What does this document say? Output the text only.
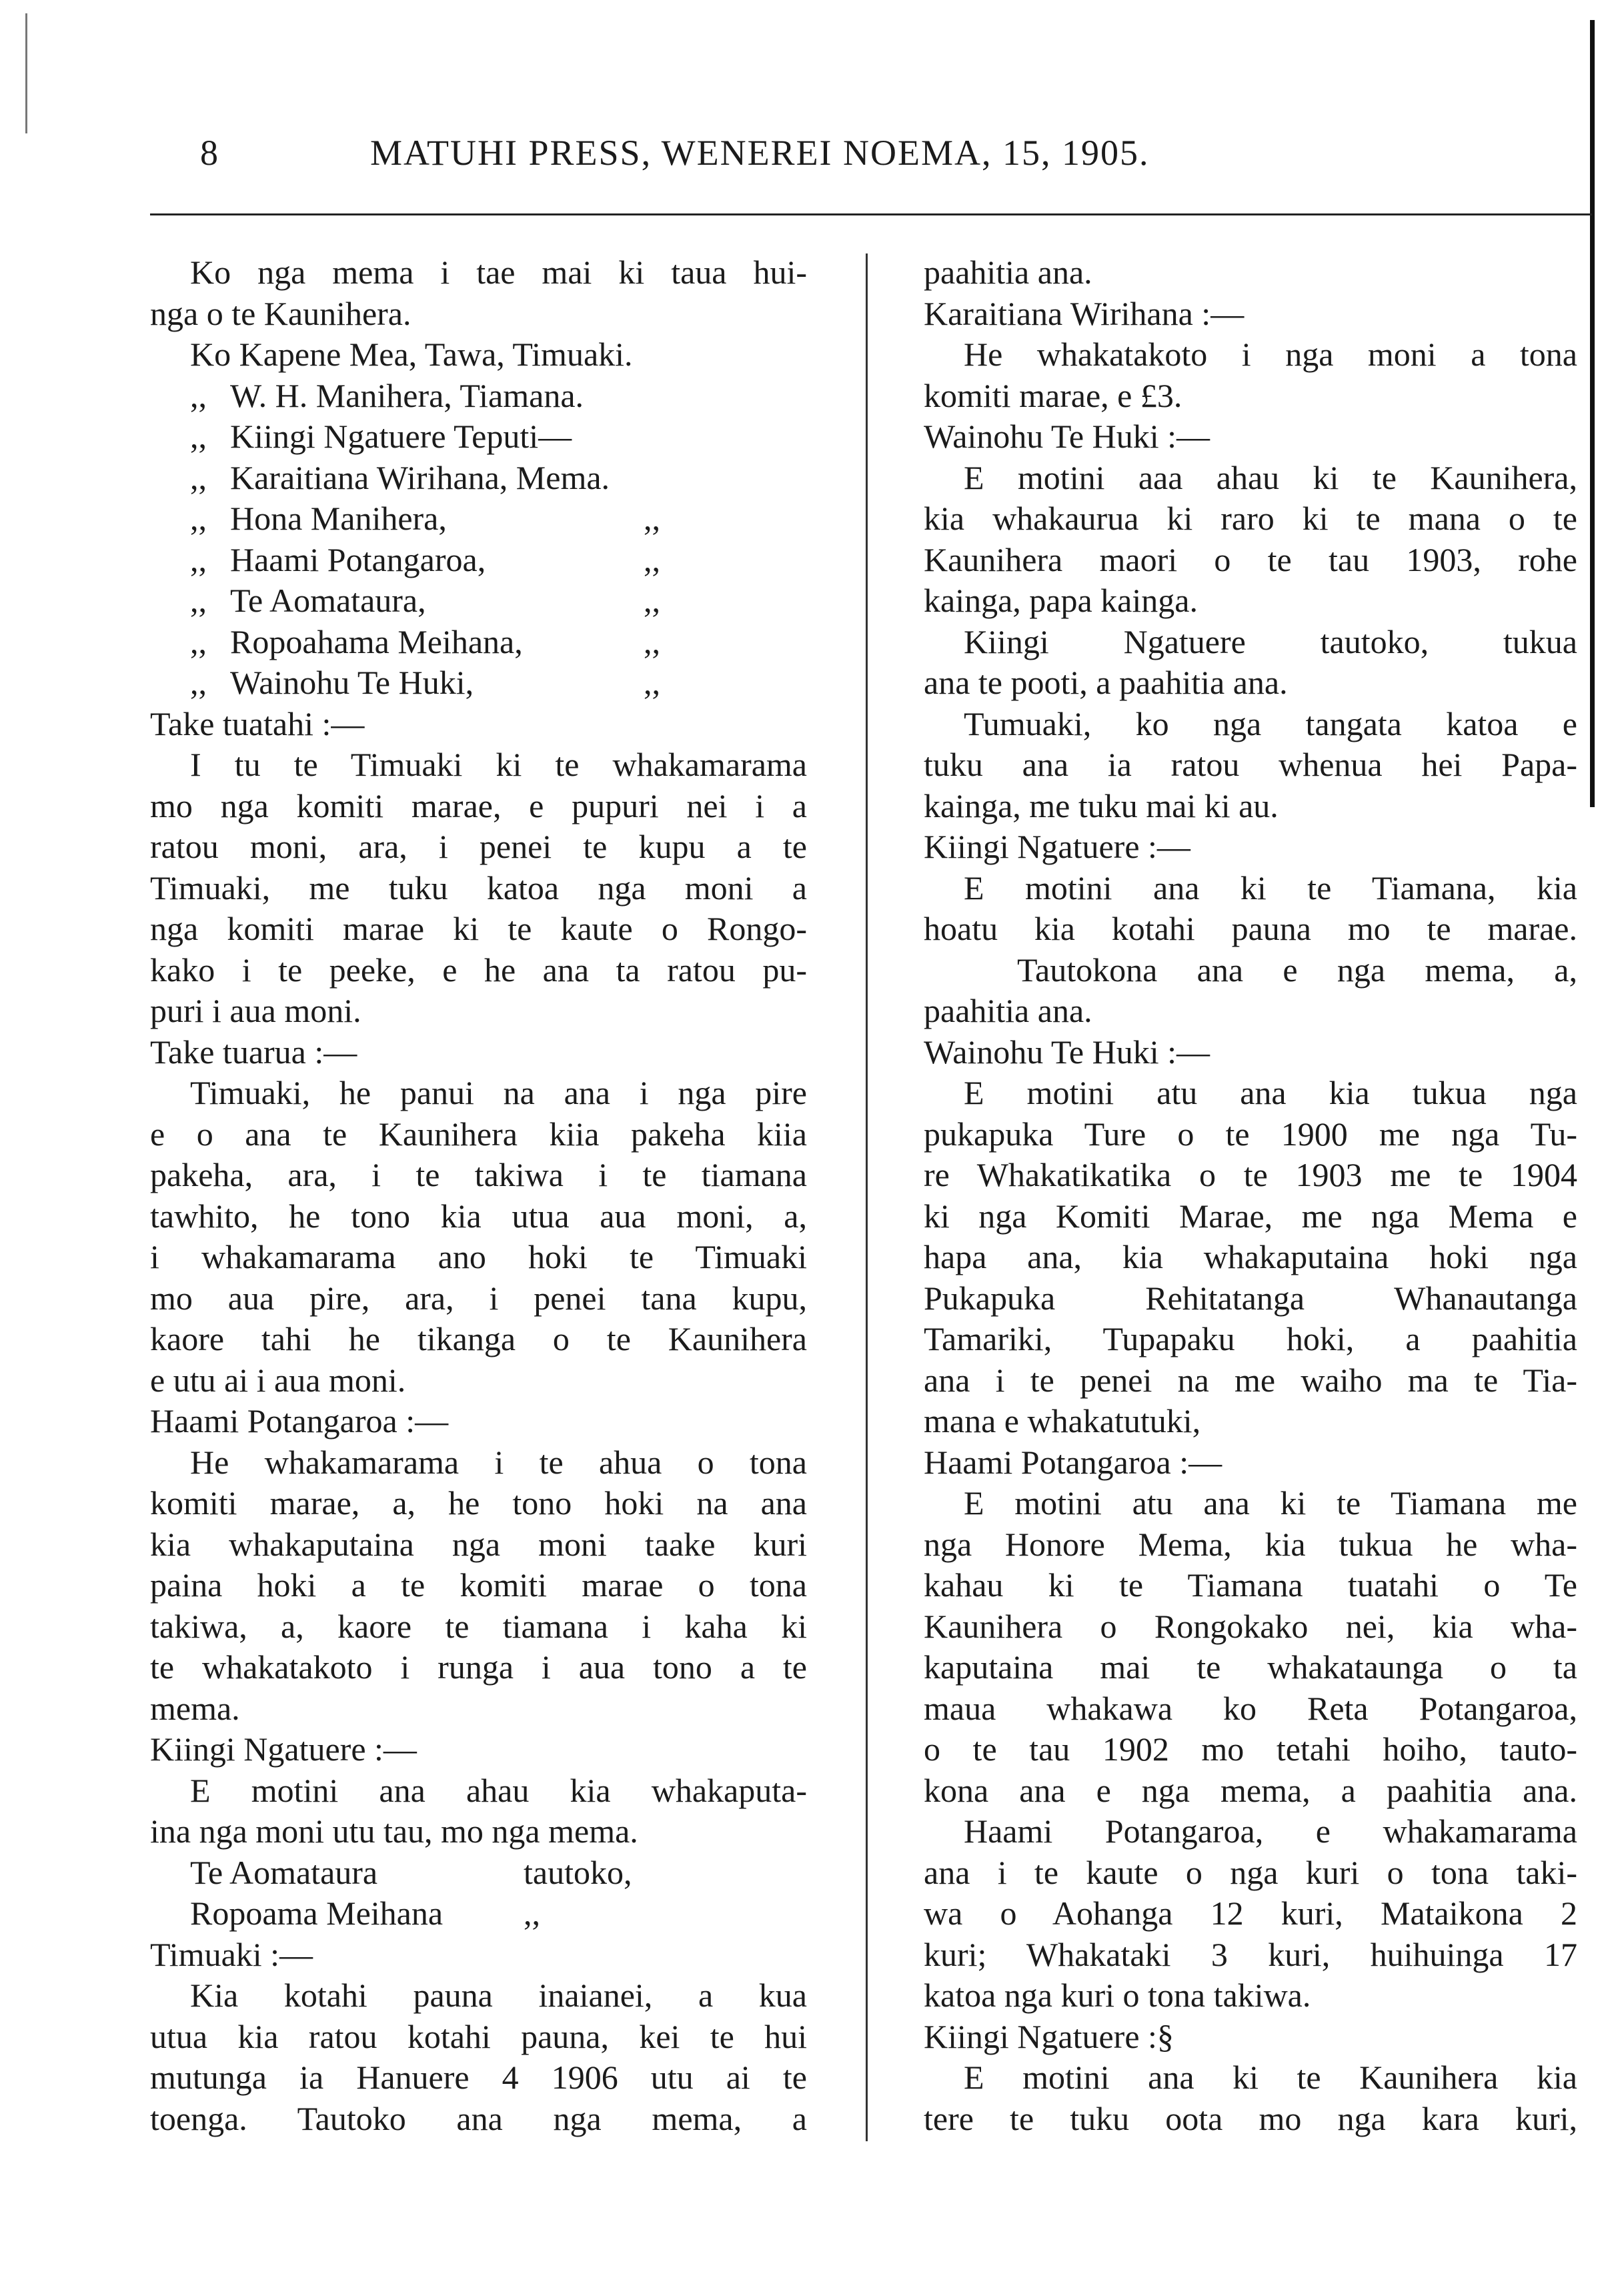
8	MATUHI PRESS, WENEREI NOEMA, 15, 1905.
Ko nga mema i tae mai ki taua hui-
nga o te Kaunihera.
Ko Kapene Mea, Tawa, Timuaki.
,, W. H. Manihera, Tiamana.
,, Kiingi Ngatuere Teputi—
,, Karaitiana Wirihana, Mema.
,, Hona Manihera,	,,
,, Haami Potangaroa,	,,
,, Te Aomataura,	,,
,, Ropoahama Meihana,	,,
,, Wainohu Te Huki,	,,
Take tuatahi :—
I tu te Timuaki ki te whakamarama
mo nga komiti marae, e pupuri nei i a
ratou moni, ara, i penei te kupu a te
Timuaki, me tuku katoa nga moni a
nga komiti marae ki te kaute o Rongo-
kako i te peeke, e he ana ta ratou pu-
puri i aua moni.
Take tuarua :—
Timuaki, he panui na ana i nga pire
e o ana te Kaunihera kiia pakeha kiia
pakeha, ara, i te takiwa i te tiamana
tawhito, he tono kia utua aua moni, a,
i whakamarama ano hoki te Timuaki
mo aua pire, ara, i penei tana kupu,
kaore tahi he tikanga o te Kaunihera
e utu ai i aua moni.
Haami Potangaroa :—
He whakamarama i te ahua o tona
komiti marae, a, he tono hoki na ana
kia whakaputaina nga moni taake kuri
paina hoki a te komiti marae o tona
takiwa, a, kaore te tiamana i kaha ki
te whakatakoto i runga i aua tono a te
mema.
Kiingi Ngatuere :—
E motini ana ahau kia whakaputa-
ina nga moni utu tau, mo nga mema.
Te Aomataura	tautoko,
Ropoama Meihana	,,
Timuaki :—
Kia kotahi pauna inaianei, a kua
utua kia ratou kotahi pauna, kei te hui
mutunga ia Hanuere 4 1906 utu ai te
toenga. Tautoko ana nga mema, a
paahitia ana.
Karaitiana Wirihana :—
He whakatakoto i nga moni a tona
komiti marae, e £3.
Wainohu Te Huki :—
E motini aaa ahau ki te Kaunihera,
kia whakaurua ki raro ki te mana o te
Kaunihera maori o te tau 1903, rohe
kainga, papa kainga.
Kiingi Ngatuere tautoko, tukua
ana te pooti, a paahitia ana.
Tumuaki, ko nga tangata katoa e
tuku ana ia ratou whenua hei Papa-
kainga, me tuku mai ki au.
Kiingi Ngatuere :—
E motini ana ki te Tiamana, kia
hoatu kia kotahi pauna mo te marae.
Tautokona ana e nga mema, a,
paahitia ana.
Wainohu Te Huki :—
E motini atu ana kia tukua nga
pukapuka Ture o te 1900 me nga Tu-
re Whakatikatika o te 1903 me te 1904
ki nga Komiti Marae, me nga Mema e
hapa ana, kia whakaputaina hoki nga
Pukapuka Rehitatanga Whanautanga
Tamariki, Tupapaku hoki, a paahitia
ana i te penei na me waiho ma te Tia-
mana e whakatutuki,
Haami Potangaroa :—
E motini atu ana ki te Tiamana me
nga Honore Mema, kia tukua he wha-
kahau ki te Tiamana tuatahi o Te
Kaunihera o Rongokako nei, kia wha-
kaputaina mai te whakataunga o ta
maua whakawa ko Reta Potangaroa,
o te tau 1902 mo tetahi hoiho, tauto-
kona ana e nga mema, a paahitia ana.
Haami Potangaroa, e whakamarama
ana i te kaute o nga kuri o tona taki-
wa o Aohanga 12 kuri, Mataikona 2
kuri; Whakataki 3 kuri, huihuinga 17
katoa nga kuri o tona takiwa.
Kiingi Ngatuere :§
E motini ana ki te Kaunihera kia
tere te tuku oota mo nga kara kuri,
